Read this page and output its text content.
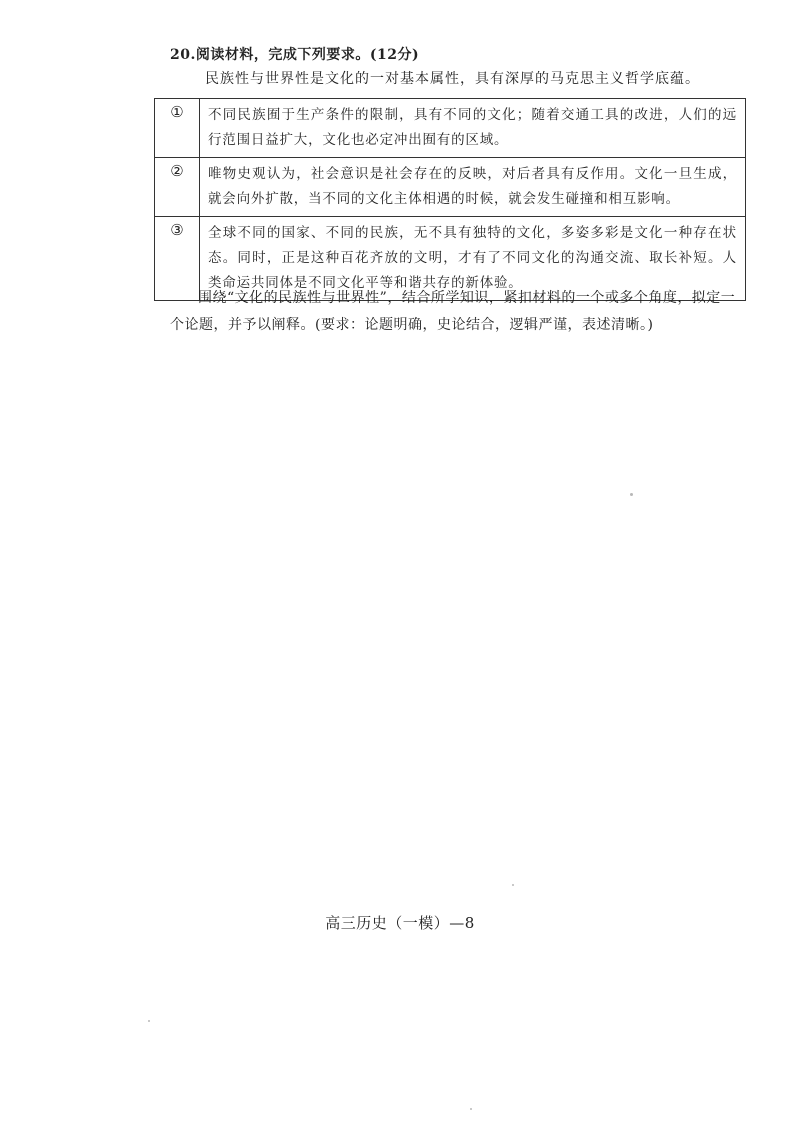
20.阅读材料，完成下列要求。(12分)
民族性与世界性是文化的一对基本属性，具有深厚的马克思主义哲学底蕴。
①	不同民族囿于生产条件的限制，具有不同的文化；随着交通工具的改进，人们的远行范围日益扩大，文化也必定冲出囿有的区域。
②	唯物史观认为，社会意识是社会存在的反映，对后者具有反作用。文化一旦生成，就会向外扩散，当不同的文化主体相遇的时候，就会发生碰撞和相互影响。
③	全球不同的国家、不同的民族，无不具有独特的文化，多姿多彩是文化一种存在状态。同时，正是这种百花齐放的文明，才有了不同文化的沟通交流、取长补短。人类命运共同体是不同文化平等和谐共存的新体验。
围绕“文化的民族性与世界性”，结合所学知识，紧扣材料的一个或多个角度，拟定一个论题，并予以阐释。(要求：论题明确，史论结合，逻辑严谨，表述清晰。)
高三历史（一模）—8
